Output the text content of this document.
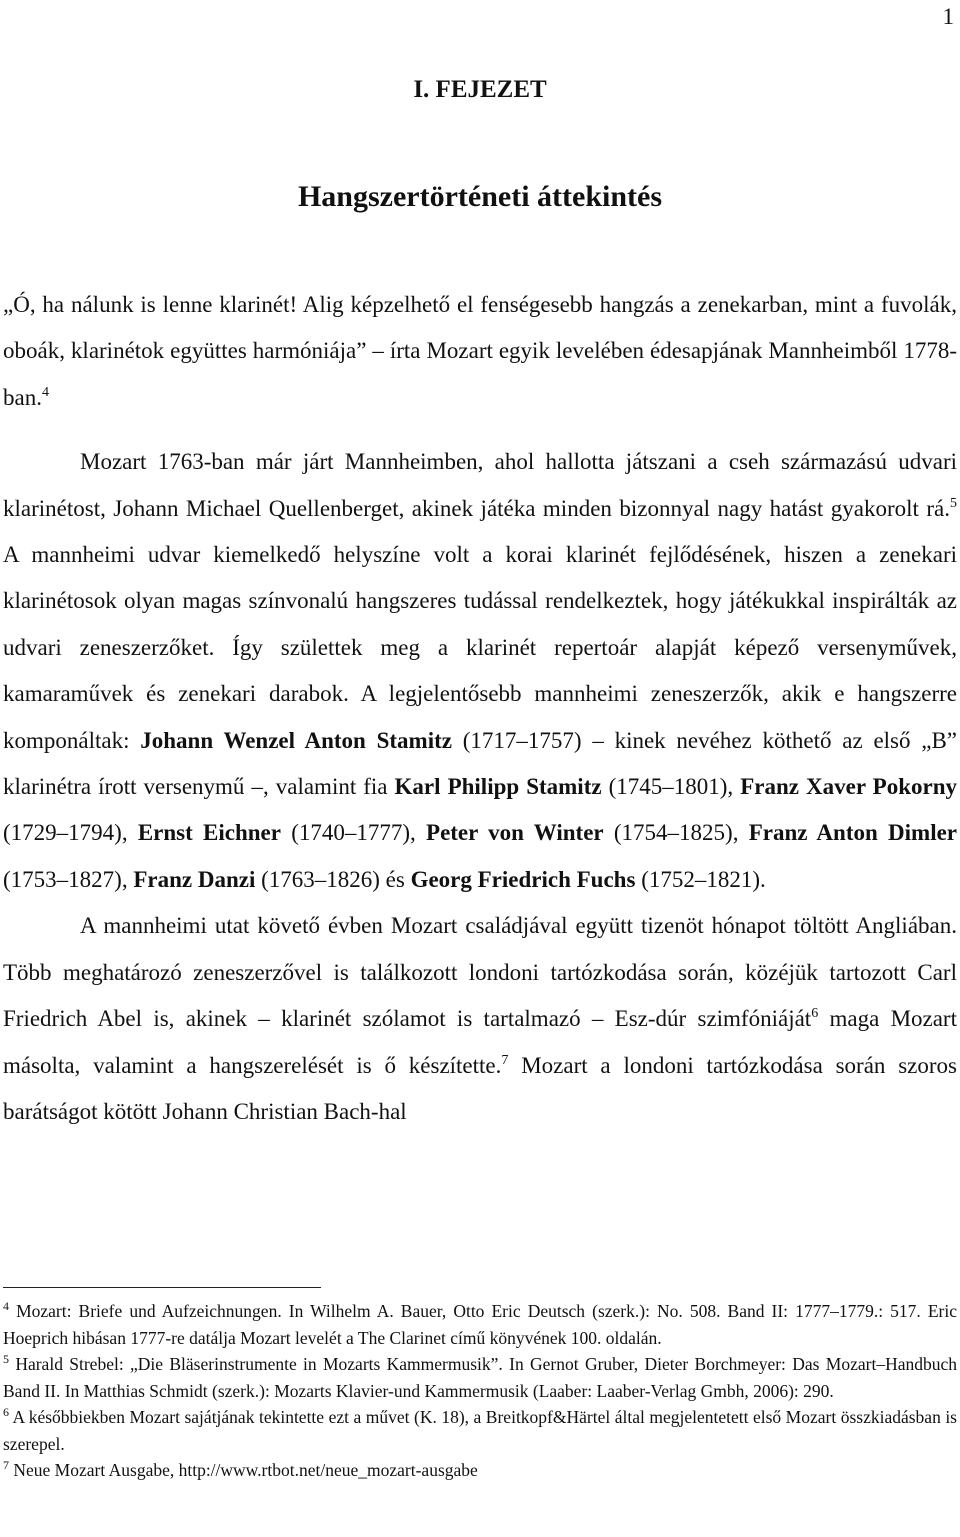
1
I. FEJEZET
Hangszertörténeti áttekintés

„Ó, ha nálunk is lenne klarinét! Alig képzelhető el fenségesebb hangzás a zenekarban, mint a fuvolák, oboák, klarinétok együttes harmóniája” ‒ írta Mozart egyik levelében édesapjának Mannheimből 1778-ban.$^4$

Mozart 1763-ban már járt Mannheimben, ahol hallotta játszani a cseh származású udvari klarinétost, Johann Michael Quellenberget, akinek játéka minden bizonnyal nagy hatást gyakorolt rá.$^5$ A mannheimi udvar kiemelkedő helyszíne volt a korai klarinét fejlődésének, hiszen a zenekari klarinétosok olyan magas színvonalú hangszeres tudással rendelkeztek, hogy játékukkal inspirálták az udvari zeneszerzőket. Így születtek meg a klarinét repertoár alapját képező versenyművek, kamaraművek és zenekari darabok. A legjelentősebb mannheimi zeneszerzők, akik e hangszerre komponáltak: Johann Wenzel Anton Stamitz (1717‒1757) ‒ kinek nevéhez köthető az első „B” klarinétra írott versenymű ‒, valamint fia Karl Philipp Stamitz (1745‒1801), Franz Xaver Pokorny (1729‒1794), Ernst Eichner (1740‒1777), Peter von Winter (1754‒1825), Franz Anton Dimler (1753‒1827), Franz Danzi (1763‒1826) és Georg Friedrich Fuchs (1752‒1821).

A mannheimi utat követő évben Mozart családjával együtt tizenöt hónapot töltött Angliában. Több meghatározó zeneszerzővel is találkozott londoni tartózkodása során, közéjük tartozott Carl Friedrich Abel is, akinek ‒ klarinét szólamot is tartalmazó ‒ Esz-dúr szimfóniáját$^6$ maga Mozart másolta, valamint a hangszerelését is ő készítette.$^7$ Mozart a londoni tartózkodása során szoros barátságot kötött Johann Christian Bach-hal

$^4$ Mozart: Briefe und Aufzeichnungen. In Wilhelm A. Bauer, Otto Eric Deutsch (szerk.): No. 508. Band II: 1777‒1779.: 517. Eric Hoeprich hibásan 1777-re datálja Mozart levelét a The Clarinet című könyvének 100. oldalán.

$^5$ Harald Strebel: „Die Bläserinstrumente in Mozarts Kammermusik”. In Gernot Gruber, Dieter Borchmeyer: Das Mozart‒Handbuch Band II. In Matthias Schmidt (szerk.): Mozarts Klavier-und Kammermusik (Laaber: Laaber-Verlag Gmbh, 2006): 290.

$^6$ A későbbiekben Mozart sajátjának tekintette ezt a művet (K. 18), a Breitkopf&Härtel által megjelentetett első Mozart összkiadásban is szerepel.

$^7$ Neue Mozart Ausgabe, http://www.rtbot.net/neue_mozart-ausgabe
